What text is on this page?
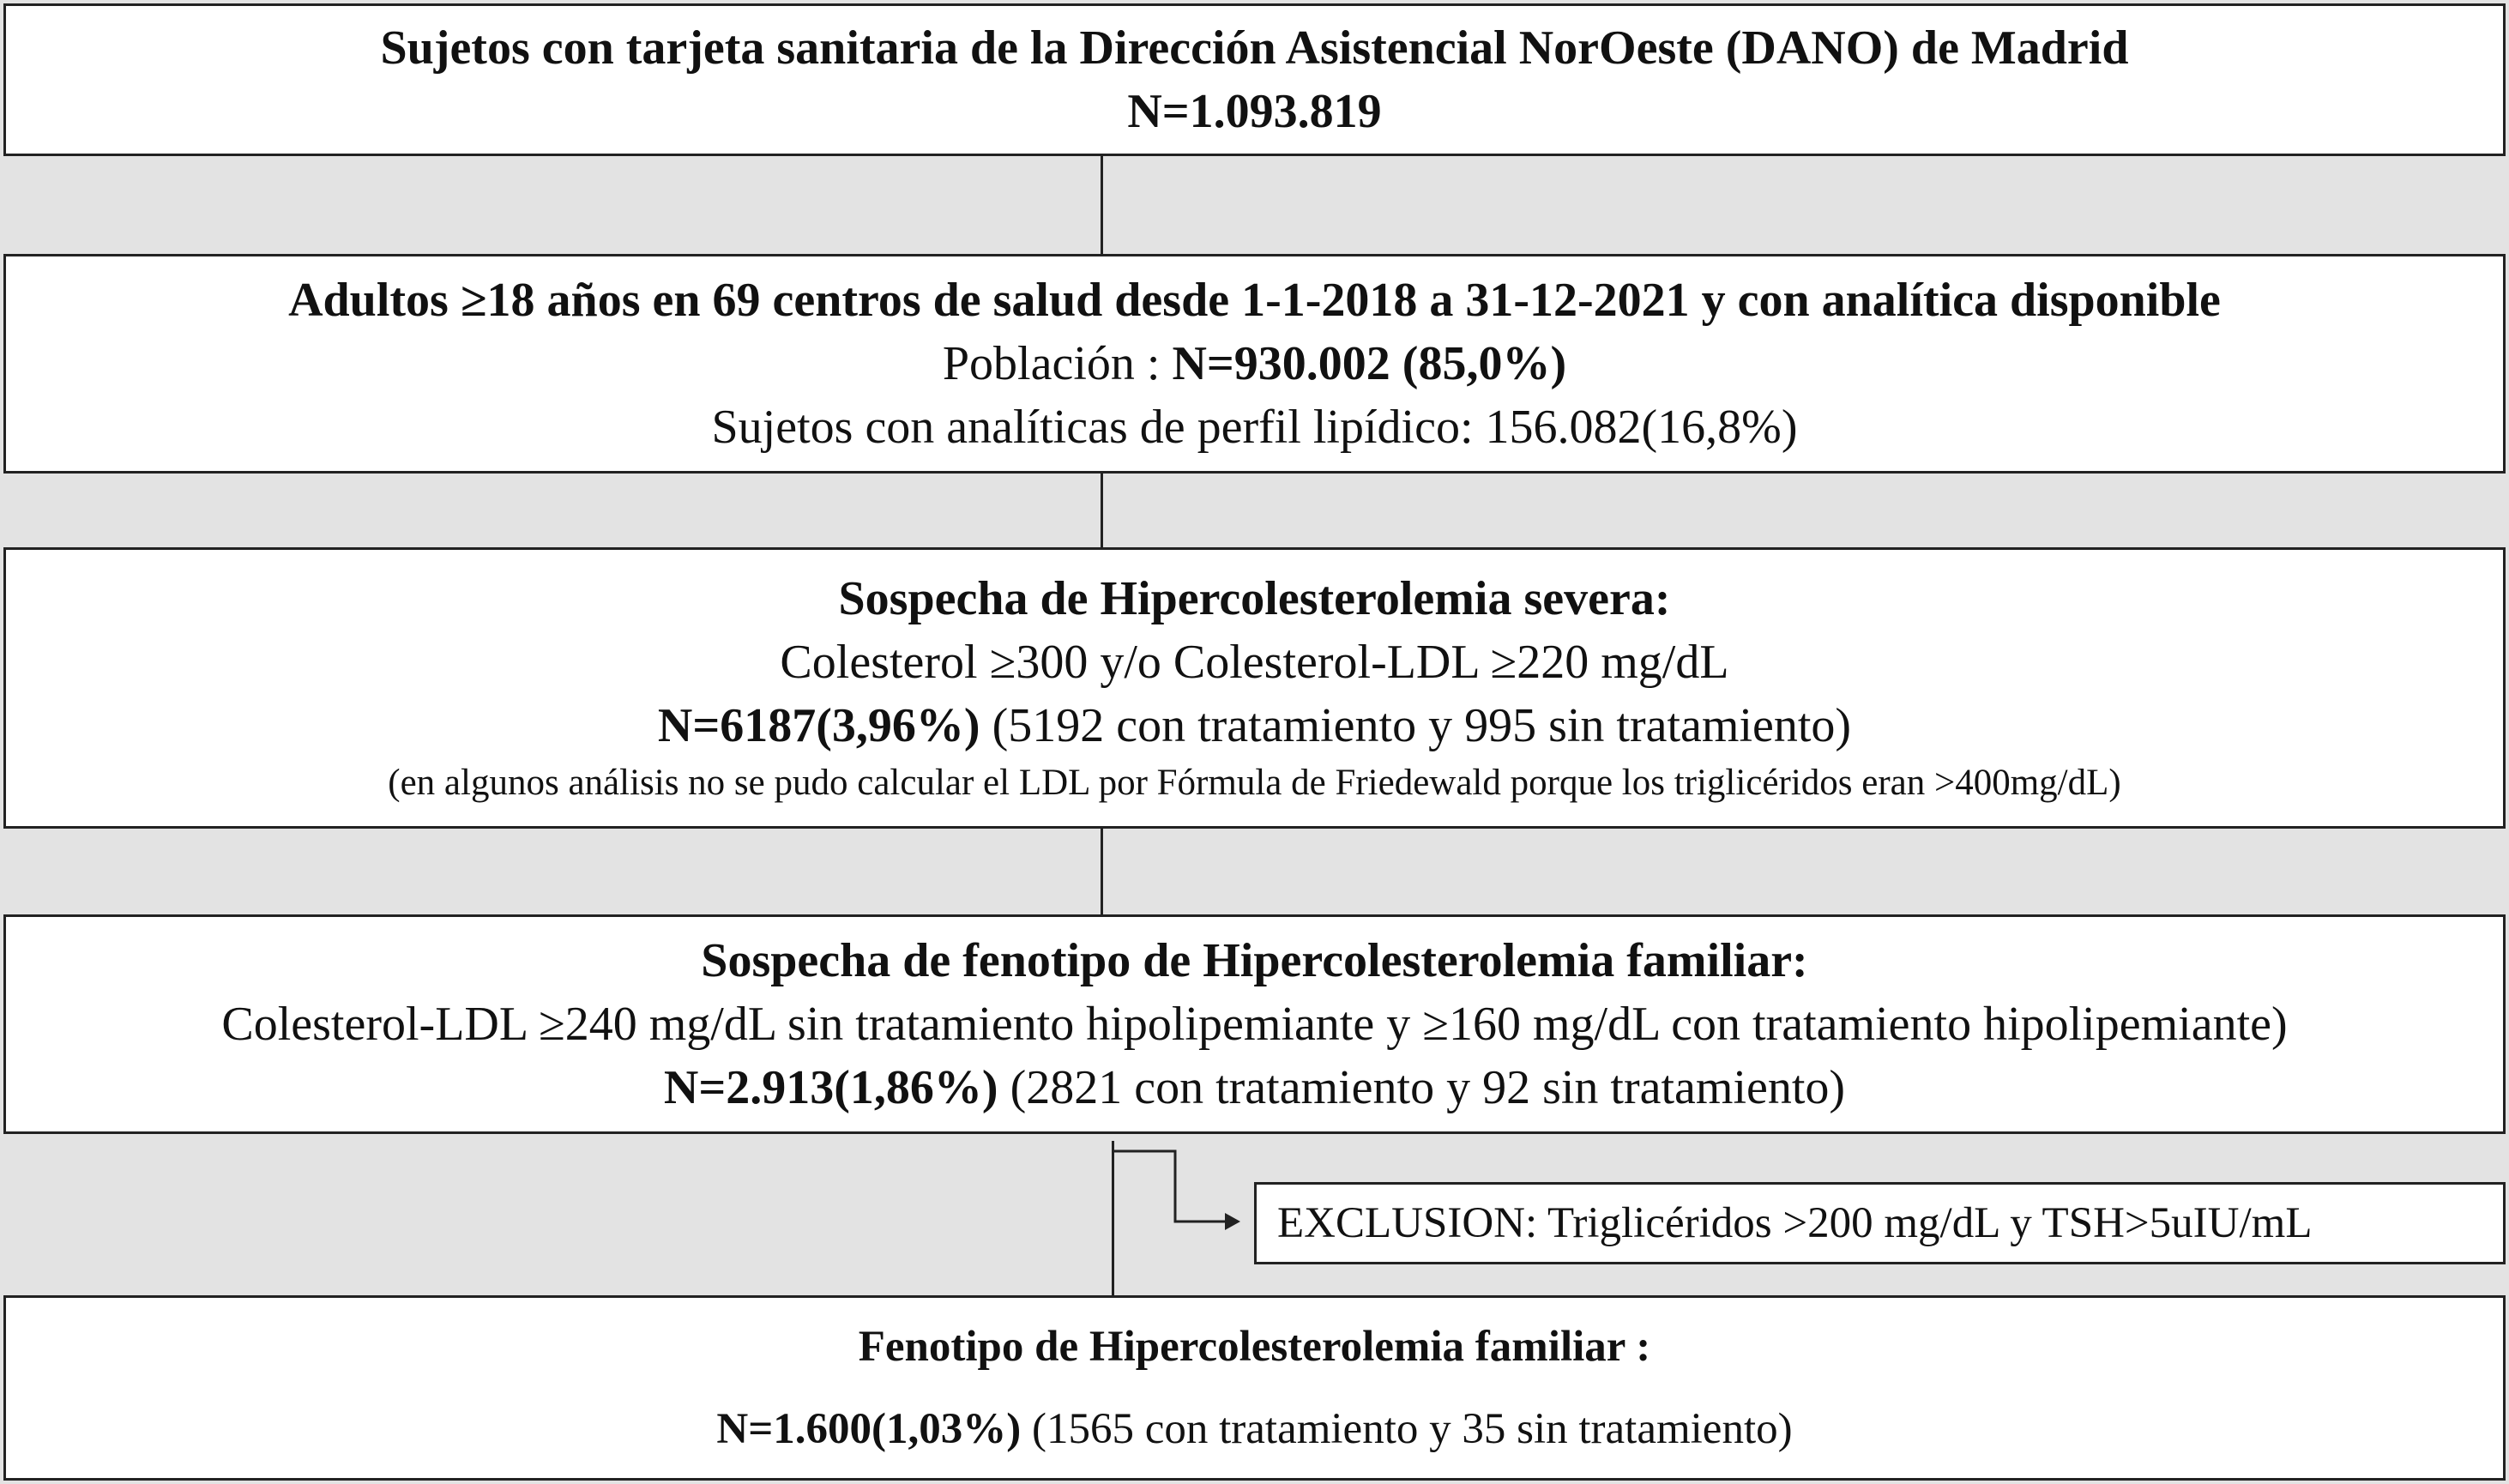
Sujetos con tarjeta sanitaria de la Dirección Asistencial NorOeste (DANO) de Madrid
N=1.093.819
Adultos ≥18 años en 69 centros de salud desde 1-1-2018 a 31-12-2021 y con analítica disponible
Población : N=930.002 (85,0%)
Sujetos con analíticas de perfil lipídico: 156.082(16,8%)
Sospecha de Hipercolesterolemia severa:
Colesterol ≥300 y/o Colesterol-LDL ≥220 mg/dL
N=6187(3,96%) (5192 con tratamiento y 995 sin tratamiento)
(en algunos análisis no se pudo calcular el LDL por Fórmula de Friedewald porque los triglicéridos eran >400mg/dL)
Sospecha de fenotipo de Hipercolesterolemia familiar:
Colesterol-LDL ≥240 mg/dL sin tratamiento hipolipemiante y ≥160 mg/dL con tratamiento hipolipemiante)
N=2.913(1,86%) (2821 con tratamiento y 92 sin tratamiento)
EXCLUSION: Triglicéridos >200 mg/dL y TSH>5uIU/mL
Fenotipo de Hipercolesterolemia familiar :
N=1.600(1,03%) (1565 con tratamiento y 35 sin tratamiento)
